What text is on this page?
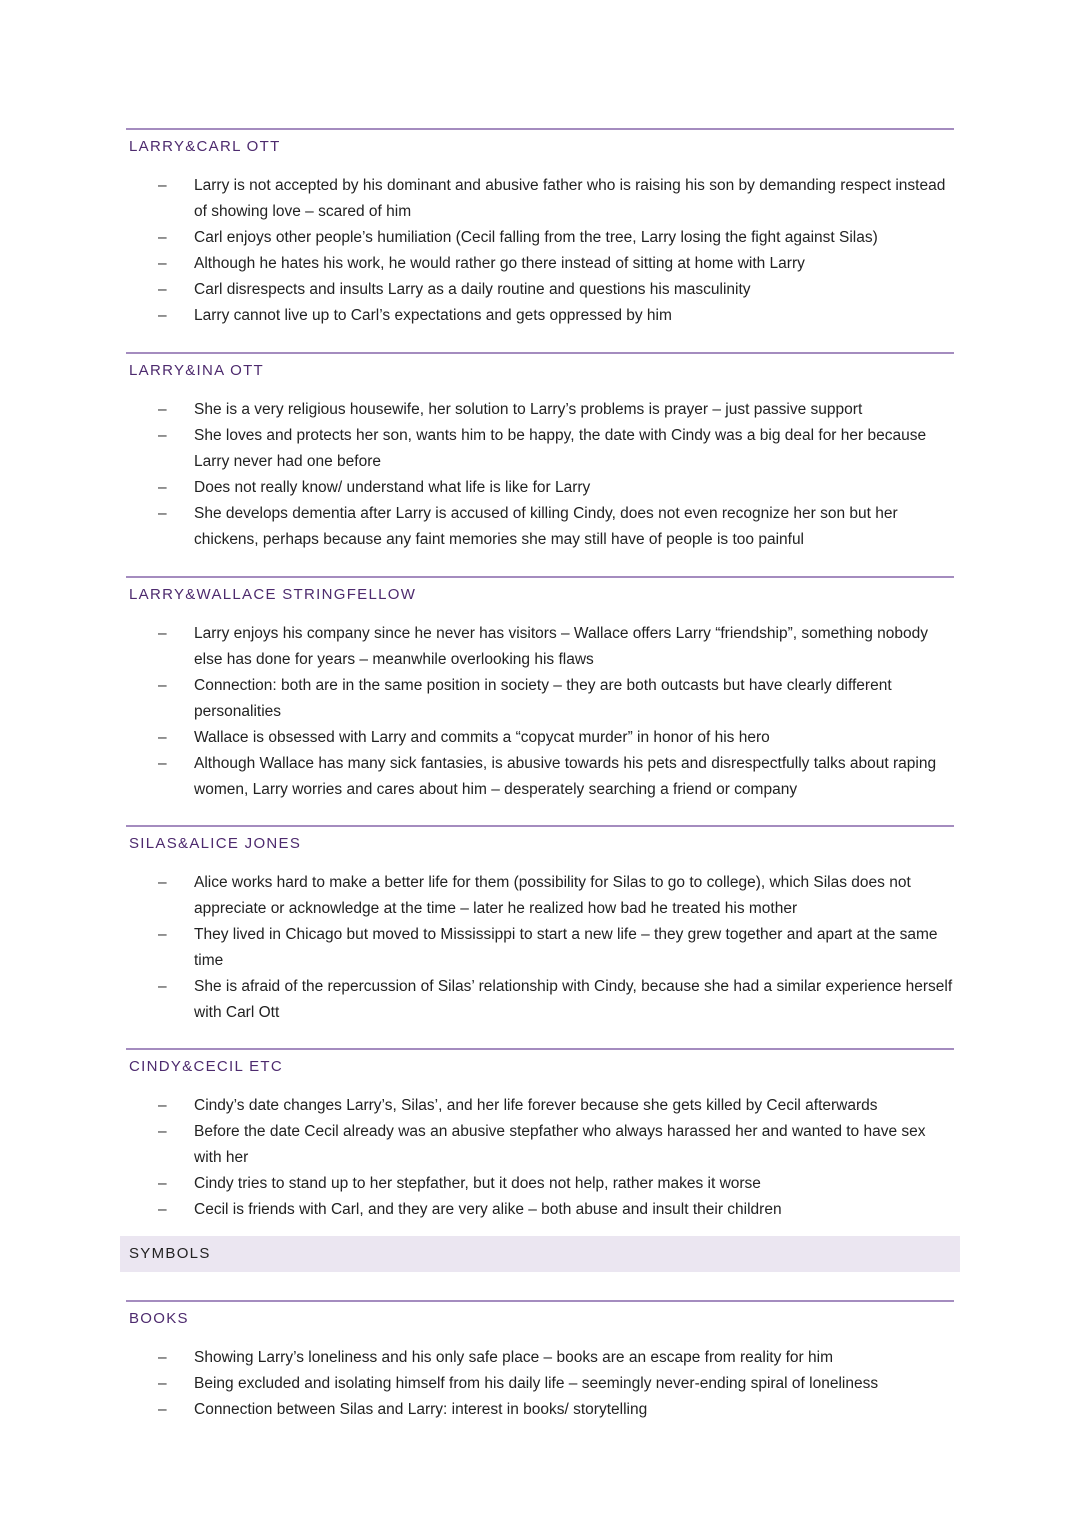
LARRY&CARL OTT
– Larry is not accepted by his dominant and abusive father who is raising his son by demanding respect instead of showing love – scared of him
– Carl enjoys other people’s humiliation (Cecil falling from the tree, Larry losing the fight against Silas)
– Although he hates his work, he would rather go there instead of sitting at home with Larry
– Carl disrespects and insults Larry as a daily routine and questions his masculinity
– Larry cannot live up to Carl’s expectations and gets oppressed by him
LARRY&INA OTT
– She is a very religious housewife, her solution to Larry’s problems is prayer – just passive support
– She loves and protects her son, wants him to be happy, the date with Cindy was a big deal for her because Larry never had one before
– Does not really know/ understand what life is like for Larry
– She develops dementia after Larry is accused of killing Cindy, does not even recognize her son but her chickens, perhaps because any faint memories she may still have of people is too painful
LARRY&WALLACE STRINGFELLOW
– Larry enjoys his company since he never has visitors – Wallace offers Larry “friendship”, something nobody else has done for years – meanwhile overlooking his flaws
– Connection: both are in the same position in society – they are both outcasts but have clearly different personalities
– Wallace is obsessed with Larry and commits a “copycat murder” in honor of his hero
– Although Wallace has many sick fantasies, is abusive towards his pets and disrespectfully talks about raping women, Larry worries and cares about him – desperately searching a friend or company
SILAS&ALICE JONES
– Alice works hard to make a better life for them (possibility for Silas to go to college), which Silas does not appreciate or acknowledge at the time – later he realized how bad he treated his mother
– They lived in Chicago but moved to Mississippi to start a new life – they grew together and apart at the same time
– She is afraid of the repercussion of Silas’ relationship with Cindy, because she had a similar experience herself with Carl Ott
CINDY&CECIL ETC
– Cindy’s date changes Larry’s, Silas’, and her life forever because she gets killed by Cecil afterwards
– Before the date Cecil already was an abusive stepfather who always harassed her and wanted to have sex with her
– Cindy tries to stand up to her stepfather, but it does not help, rather makes it worse
– Cecil is friends with Carl, and they are very alike – both abuse and insult their children
SYMBOLS
BOOKS
– Showing Larry’s loneliness and his only safe place – books are an escape from reality for him
– Being excluded and isolating himself from his daily life – seemingly never-ending spiral of loneliness
– Connection between Silas and Larry: interest in books/ storytelling
